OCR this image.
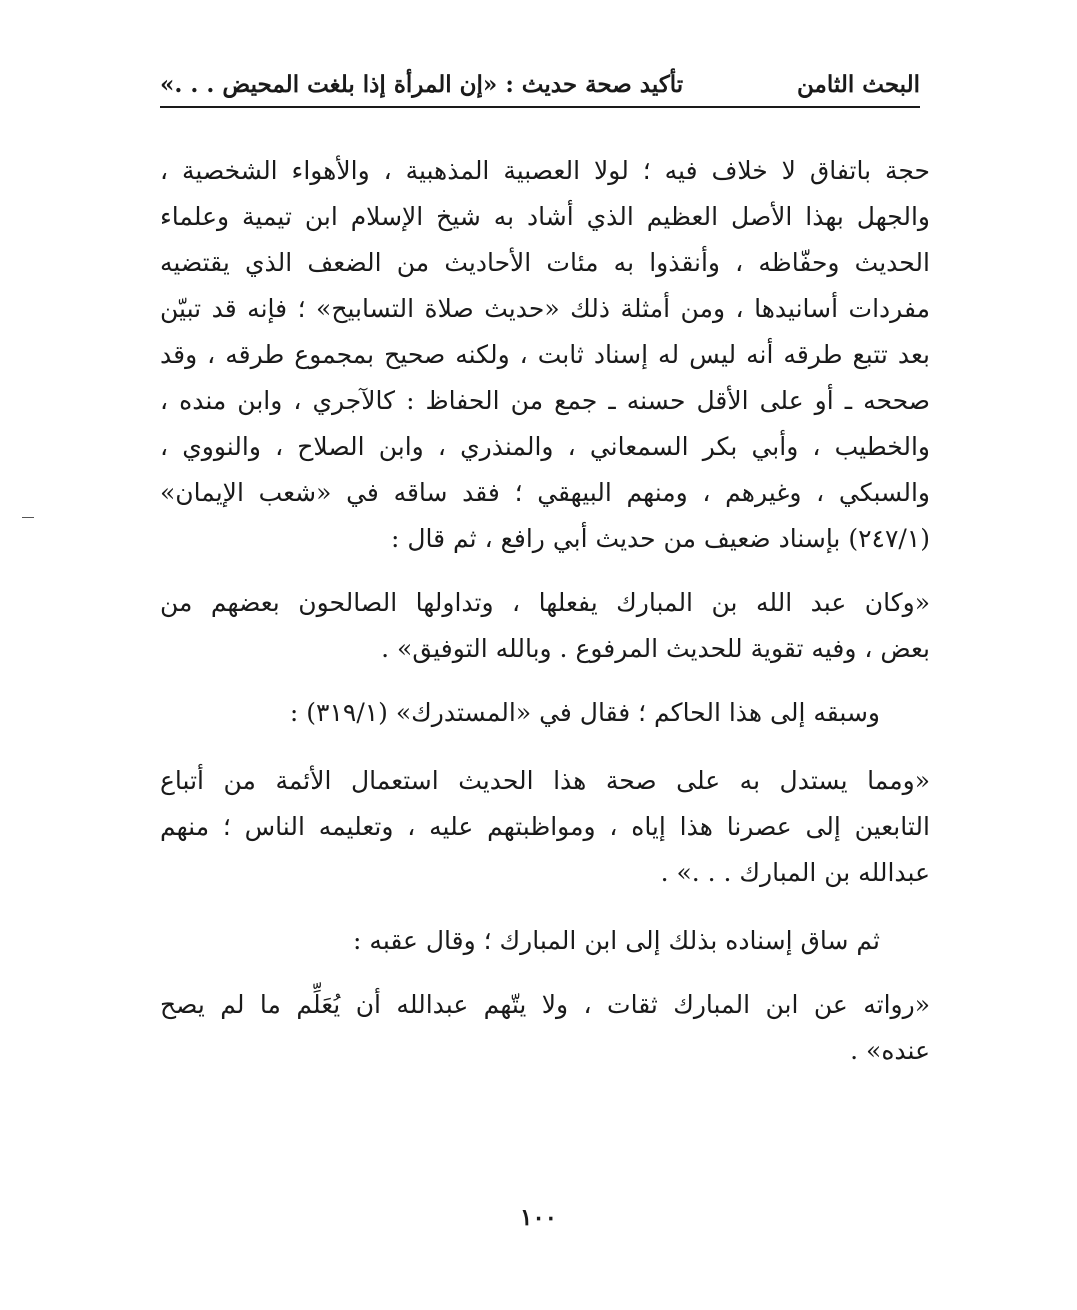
البحث الثامن
تأكيد صحة حديث : «إن المرأة إذا بلغت المحيض . . .»
حجة باتفاق لا خلاف فيه ؛ لولا العصبية المذهبية ، والأهواء الشخصية ،
والجهل بهذا الأصل العظيم الذي أشاد به شيخ الإسلام ابن تيمية وعلماء
الحديث وحفّاظه ، وأنقذوا به مئات الأحاديث من الضعف الذي يقتضيه
مفردات أسانيدها ، ومن أمثلة ذلك «حديث صلاة التسابيح» ؛ فإنه قد تبيّن
بعد تتبع طرقه أنه ليس له إسناد ثابت ، ولكنه صحيح بمجموع طرقه ، وقد
صححه ـ أو على الأقل حسنه ـ جمع من الحفاظ : كالآجري ، وابن منده ،
والخطيب ، وأبي بكر السمعاني ، والمنذري ، وابن الصلاح ، والنووي ،
والسبكي ، وغيرهم ، ومنهم البيهقي ؛ فقد ساقه في «شعب الإيمان»
(٢٤٧/١) بإسناد ضعيف من حديث أبي رافع ، ثم قال :
«وكان عبد الله بن المبارك يفعلها ، وتداولها الصالحون بعضهم من
بعض ، وفيه تقوية للحديث المرفوع . وبالله التوفيق» .
وسبقه إلى هذا الحاكم ؛ فقال في «المستدرك» (٣١٩/١) :
«ومما يستدل به على صحة هذا الحديث استعمال الأئمة من أتباع
التابعين إلى عصرنا هذا إياه ، ومواظبتهم عليه ، وتعليمه الناس ؛ منهم
عبدالله بن المبارك . . .» .
ثم ساق إسناده بذلك إلى ابن المبارك ؛ وقال عقبه :
«رواته عن ابن المبارك ثقات ، ولا يتّهم عبدالله أن يُعَلِّم ما لم يصح
عنده» .
١٠٠
